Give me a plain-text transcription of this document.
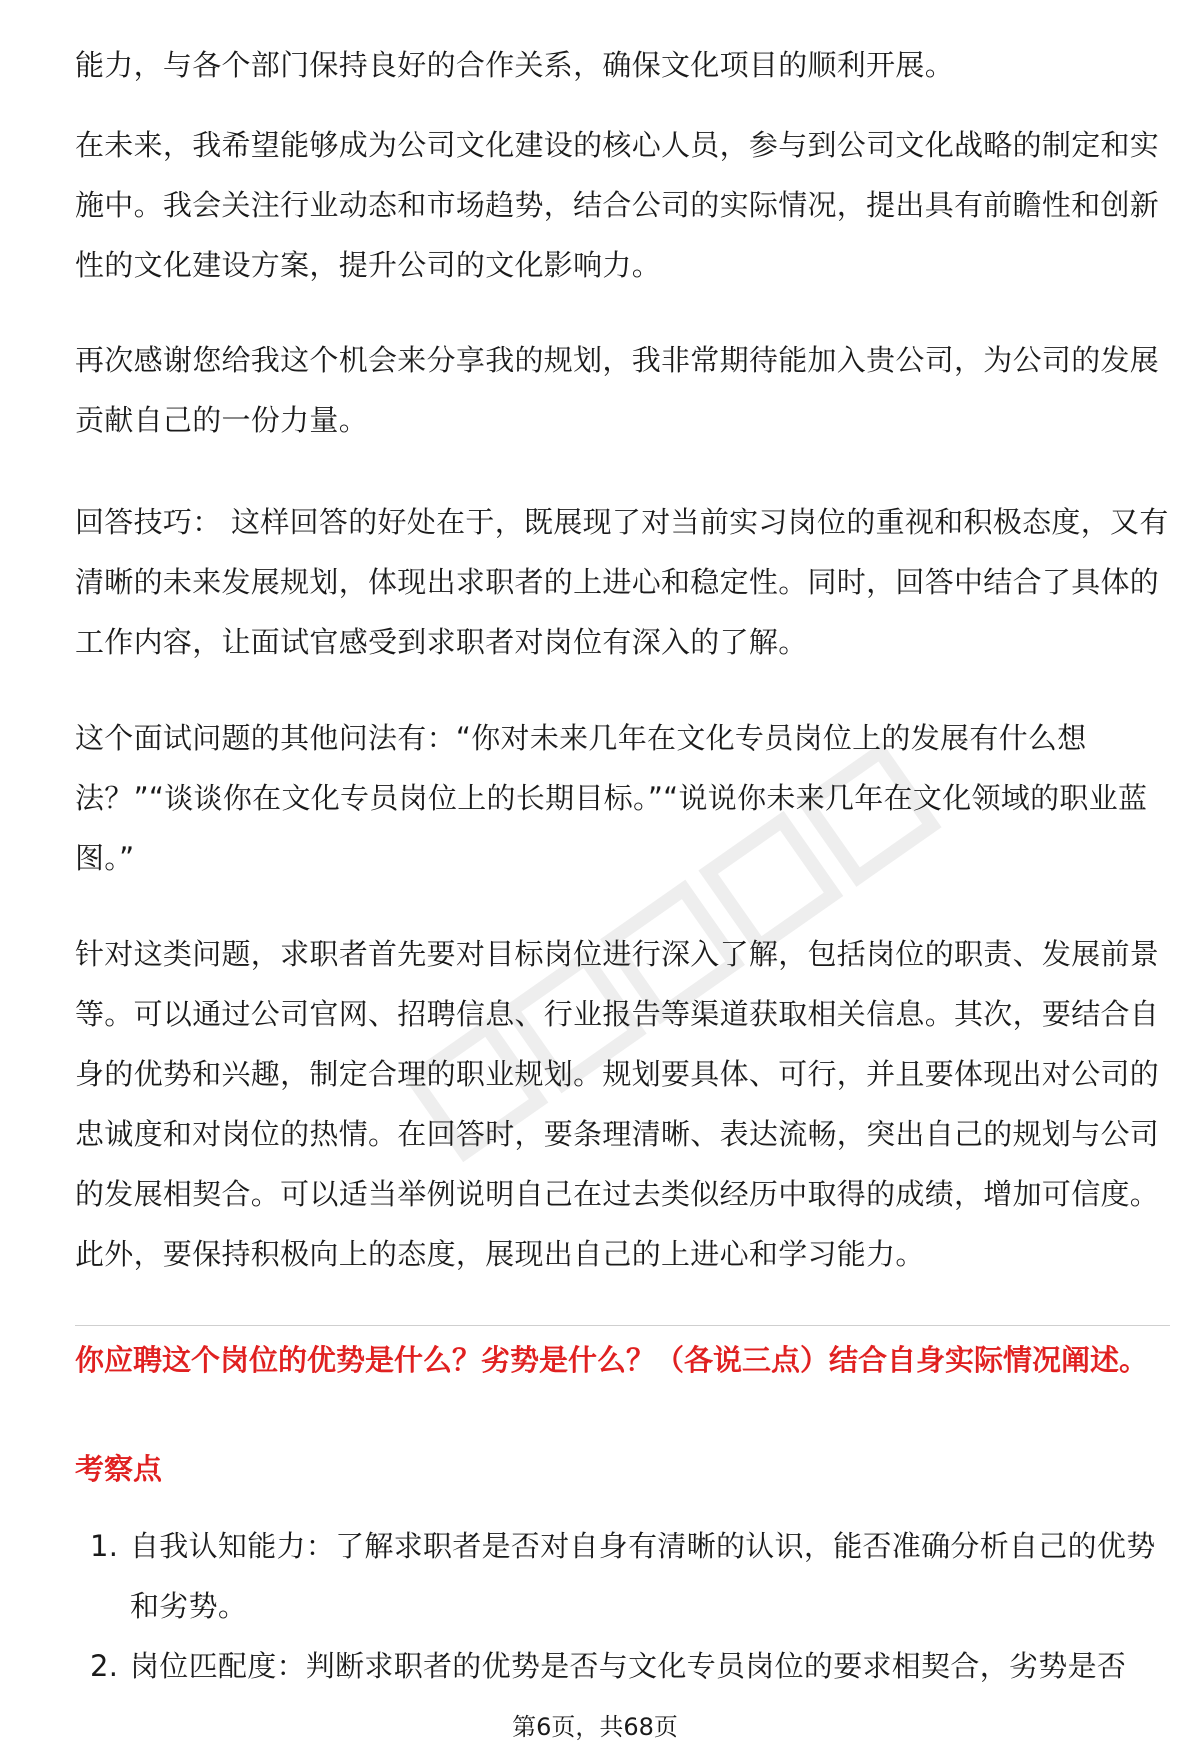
能力，与各个部门保持良好的合作关系，确保文化项目的顺利开展。

在未来，我希望能够成为公司文化建设的核心人员，参与到公司文化战略的制定和实施中。我会关注行业动态和市场趋势，结合公司的实际情况，提出具有前瞻性和创新性的文化建设方案，提升公司的文化影响力。

再次感谢您给我这个机会来分享我的规划，我非常期待能加入贵公司，为公司的发展贡献自己的一份力量。

回答技巧： 这样回答的好处在于，既展现了对当前实习岗位的重视和积极态度，又有清晰的未来发展规划，体现出求职者的上进心和稳定性。同时，回答中结合了具体的工作内容，让面试官感受到求职者对岗位有深入的了解。

这个面试问题的其他问法有：“你对未来几年在文化专员岗位上的发展有什么想法？”“谈谈你在文化专员岗位上的长期目标。”“说说你未来几年在文化领域的职业蓝图。”

针对这类问题，求职者首先要对目标岗位进行深入了解，包括岗位的职责、发展前景等。可以通过公司官网、招聘信息、行业报告等渠道获取相关信息。其次，要结合自身的优势和兴趣，制定合理的职业规划。规划要具体、可行，并且要体现出对公司的忠诚度和对岗位的热情。在回答时，要条理清晰、表达流畅，突出自己的规划与公司的发展相契合。可以适当举例说明自己在过去类似经历中取得的成绩，增加可信度。此外，要保持积极向上的态度，展现出自己的上进心和学习能力。

你应聘这个岗位的优势是什么？劣势是什么？（各说三点）结合自身实际情况阐述。

考察点

1. 自我认知能力：了解求职者是否对自身有清晰的认识，能否准确分析自己的优势和劣势。
2. 岗位匹配度：判断求职者的优势是否与文化专员岗位的要求相契合，劣势是否
第6页，共68页
